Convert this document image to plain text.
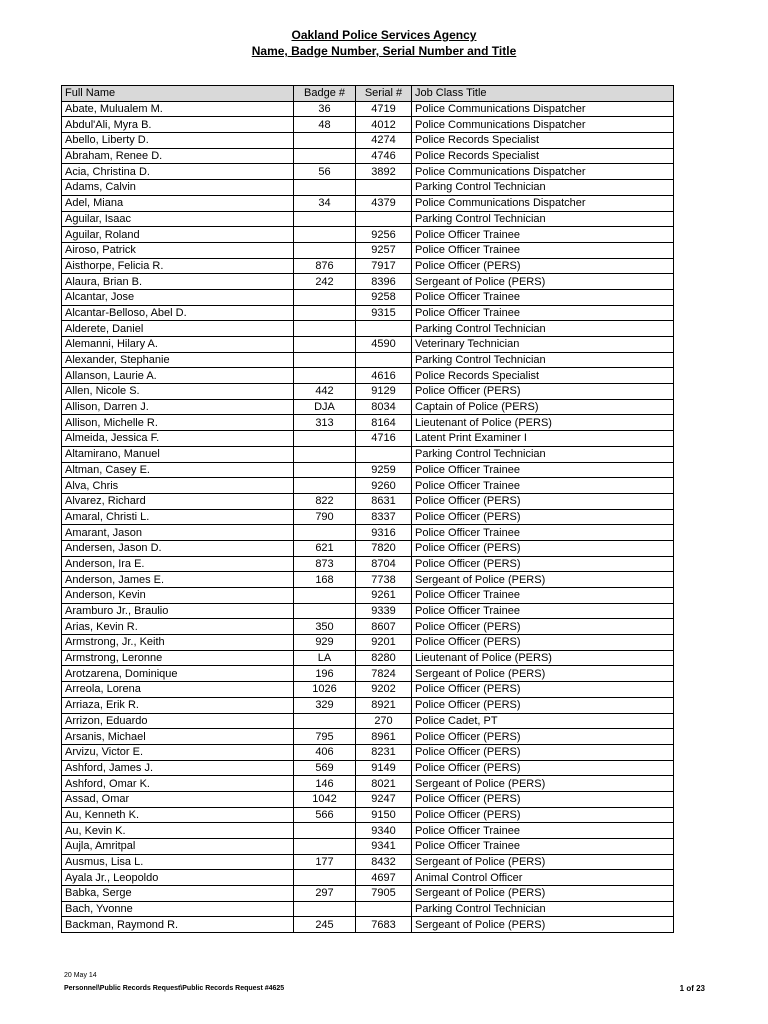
Oakland Police Services Agency
Name, Badge Number, Serial Number and Title
Full Name	Badge #	Serial #	Job Class Title
Abate, Mulualem M.	36	4719	Police Communications Dispatcher
Abdul'Ali, Myra B.	48	4012	Police Communications Dispatcher
Abello, Liberty D.		4274	Police Records Specialist
Abraham, Renee D.		4746	Police Records Specialist
Acia, Christina D.	56	3892	Police Communications Dispatcher
Adams, Calvin			Parking Control Technician
Adel, Miana	34	4379	Police Communications Dispatcher
Aguilar, Isaac			Parking Control Technician
Aguilar, Roland		9256	Police Officer Trainee
Airoso, Patrick		9257	Police Officer Trainee
Aisthorpe, Felicia R.	876	7917	Police Officer (PERS)
Alaura, Brian B.	242	8396	Sergeant of Police (PERS)
Alcantar, Jose		9258	Police Officer Trainee
Alcantar-Belloso, Abel D.		9315	Police Officer Trainee
Alderete, Daniel			Parking Control Technician
Alemanni, Hilary A.		4590	Veterinary Technician
Alexander, Stephanie			Parking Control Technician
Allanson, Laurie A.		4616	Police Records Specialist
Allen, Nicole S.	442	9129	Police Officer (PERS)
Allison, Darren J.	DJA	8034	Captain of Police (PERS)
Allison, Michelle R.	313	8164	Lieutenant of Police (PERS)
Almeida, Jessica F.		4716	Latent Print Examiner I
Altamirano, Manuel			Parking Control Technician
Altman, Casey E.		9259	Police Officer Trainee
Alva, Chris		9260	Police Officer Trainee
Alvarez, Richard	822	8631	Police Officer (PERS)
Amaral, Christi L.	790	8337	Police Officer (PERS)
Amarant, Jason		9316	Police Officer Trainee
Andersen, Jason D.	621	7820	Police Officer (PERS)
Anderson, Ira E.	873	8704	Police Officer (PERS)
Anderson, James E.	168	7738	Sergeant of Police (PERS)
Anderson, Kevin		9261	Police Officer Trainee
Aramburo Jr., Braulio		9339	Police Officer Trainee
Arias, Kevin R.	350	8607	Police Officer (PERS)
Armstrong, Jr., Keith	929	9201	Police Officer (PERS)
Armstrong, Leronne	LA	8280	Lieutenant of Police (PERS)
Arotzarena, Dominique	196	7824	Sergeant of Police (PERS)
Arreola, Lorena	1026	9202	Police Officer (PERS)
Arriaza, Erik R.	329	8921	Police Officer (PERS)
Arrizon, Eduardo		270	Police Cadet, PT
Arsanis, Michael	795	8961	Police Officer (PERS)
Arvizu, Victor E.	406	8231	Police Officer (PERS)
Ashford, James J.	569	9149	Police Officer (PERS)
Ashford, Omar K.	146	8021	Sergeant of Police (PERS)
Assad, Omar	1042	9247	Police Officer (PERS)
Au, Kenneth K.	566	9150	Police Officer (PERS)
Au, Kevin K.		9340	Police Officer Trainee
Aujla, Amritpal		9341	Police Officer Trainee
Ausmus, Lisa L.	177	8432	Sergeant of Police (PERS)
Ayala Jr., Leopoldo		4697	Animal Control Officer
Babka, Serge	297	7905	Sergeant of Police (PERS)
Bach, Yvonne			Parking Control Technician
Backman, Raymond R.	245	7683	Sergeant of Police (PERS)
20 May 14
Personnel\Public Records Request\Public Records Request #4625	1 of 23
